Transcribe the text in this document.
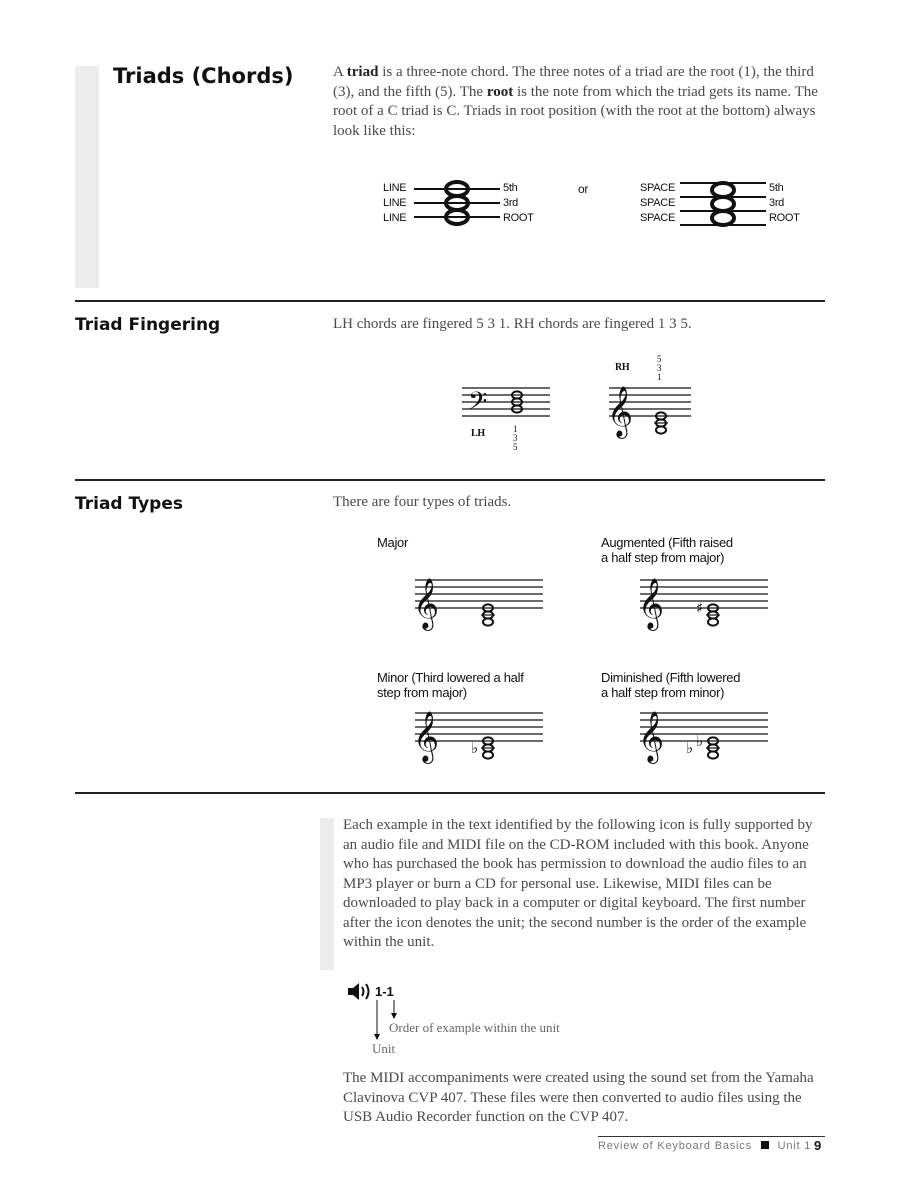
Triads (Chords)	A triad is a three-note chord. The three notes of a triad are the root (1), the third (3), and the fifth (5). The root is the note from which the triad gets its name. The root of a C triad is C. Triads in root position (with the root at the bottom) always look like this:
LINE
LINE
LINE
5th
3rd
ROOT
or	SPACE
SPACE
SPACE
5th
3rd
ROOT
Triad Fingering	LH chords are fingered 5 3 1. RH chords are fingered 1 3 5.
𝄢
LH	1
3
5
RH
5
3
1
𝄞
Triad Types	There are four types of triads.
Major
𝄞
Augmented (Fifth raised
a half step from major)
𝄞 ♯
Minor (Third lowered a half
step from major)
𝄞 ♭
Diminished (Fifth lowered
a half step from minor)
𝄞 ♭ ♭
Each example in the text identified by the following icon is fully supported by an audio file and MIDI file on the CD-ROM included with this book. Anyone who has purchased the book has permission to download the audio files to an MP3 player or burn a CD for personal use. Likewise, MIDI files can be downloaded to play back in a computer or digital keyboard. The first number after the icon denotes the unit; the second number is the order of the example within the unit.
1-1
Order of example within the unit
Unit
The MIDI accompaniments were created using the sound set from the Yamaha Clavinova CVP 407. These files were then converted to audio files using the USB Audio Recorder function on the CVP 407.
Review of Keyboard Basics Unit 1 9
